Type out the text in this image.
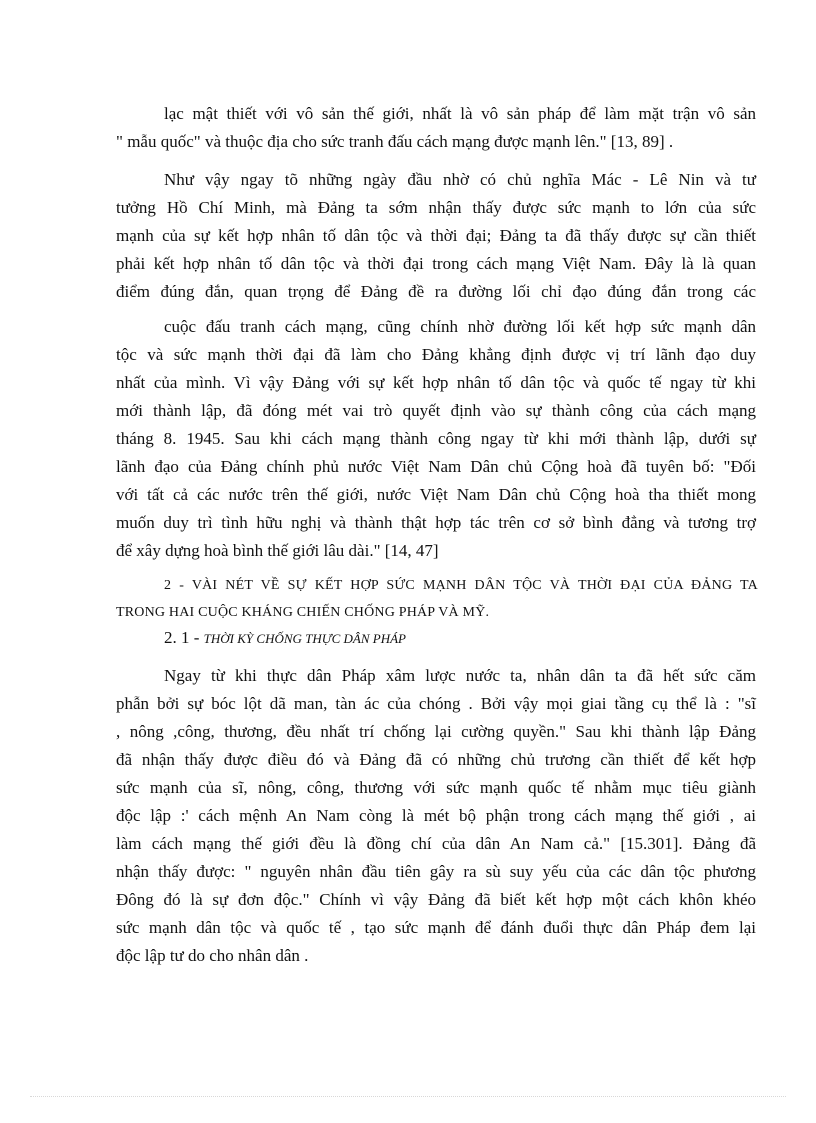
lạc mật thiết với vô sản thế giới, nhất là vô sản pháp để làm mặt trận vô sản
" mẫu quốc" và thuộc địa cho sức tranh đấu cách mạng được mạnh lên." [13, 89] .
Như vậy ngay tõ những ngày đầu nhờ có chủ nghĩa Mác - Lê Nin và tư
tưởng Hồ Chí Minh, mà Đảng ta sớm nhận thấy được sức mạnh to lớn của sức
mạnh của sự kết hợp nhân tố dân tộc và thời đại; Đảng ta đã thấy được sự cần thiết
phải kết hợp nhân tố dân tộc và thời đại trong cách mạng Việt Nam. Đây là là quan
điểm đúng đắn, quan trọng để Đảng đề ra đường lối chỉ đạo đúng đắn trong các
cuộc đấu tranh cách mạng, cũng chính nhờ đường lối kết hợp sức mạnh dân
tộc và sức mạnh thời đại đã làm cho Đảng khẳng định được vị trí lãnh đạo duy
nhất của mình. Vì vậy Đảng với sự kết hợp nhân tố dân tộc và quốc tế ngay từ khi
mới thành lập, đã đóng mét vai trò quyết định vào sự thành công của cách mạng
tháng 8. 1945. Sau khi cách mạng thành công ngay từ khi mới thành lập, dưới sự
lãnh đạo của Đảng chính phủ nước Việt Nam Dân chủ Cộng hoà đã tuyên bố: "Đối
với tất cả các nước trên thế giới, nước Việt Nam Dân chủ Cộng hoà tha thiết mong
muốn duy trì tình hữu nghị và thành thật hợp tác trên cơ sở bình đẳng và tương trợ
để xây dựng hoà bình thế giới lâu dài." [14, 47]
2 - VÀI NÉT VỀ SỰ KẾT HỢP SỨC MẠNH DÂN TỘC VÀ THỜI ĐẠI CỦA ĐẢNG TA
TRONG HAI CUỘC KHÁNG CHIẾN CHỐNG PHÁP VÀ MỸ.
2. 1 - THỜI KỲ CHỐNG THỰC DÂN PHÁP
Ngay từ khi thực dân Pháp xâm lược nước ta, nhân dân ta đã hết sức căm
phẫn bởi sự bóc lột dã man, tàn ác của chóng . Bởi vậy mọi giai tầng cụ thể là : "sĩ
, nông ,công, thương, đều nhất trí chống lại cường quyền." Sau khi thành lập Đảng
đã nhận thấy được điều đó và Đảng đã có những chủ trương cần thiết để kết hợp
sức mạnh của sĩ, nông, công, thương với sức mạnh quốc tế nhằm mục tiêu giành
độc lập :' cách mệnh An Nam còng là mét bộ phận trong cách mạng thế giới , ai
làm cách mạng thế giới đều là đồng chí của dân An Nam cả." [15.301]. Đảng đã
nhận thấy được: " nguyên nhân đầu tiên gây ra sù suy yếu của các dân tộc phương
Đông đó là sự đơn độc." Chính vì vậy Đảng đã biết kết hợp một cách khôn khéo
sức mạnh dân tộc và quốc tế , tạo sức mạnh để đánh đuổi thực dân Pháp đem lại
độc lập tư do cho nhân dân .
